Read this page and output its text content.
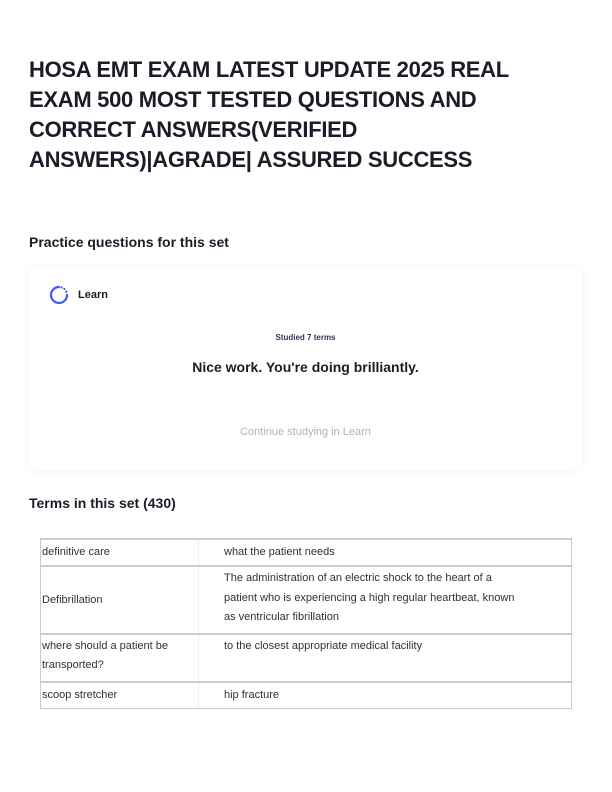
HOSA EMT EXAM LATEST UPDATE 2025 REAL EXAM 500 MOST TESTED QUESTIONS AND CORRECT ANSWERS(VERIFIED ANSWERS)|AGRADE| ASSURED SUCCESS
Practice questions for this set
Learn
Studied 7 terms
Nice work. You're doing brilliantly.
Continue studying in Learn
Terms in this set (430)
definitive care	what the patient needs
Defibrillation
The administration of an electric shock to the heart of a patient who is experiencing a high regular heartbeat, known as ventricular fibrillation
where should a patient be transported?
to the closest appropriate medical facility
scoop stretcher	hip fracture
